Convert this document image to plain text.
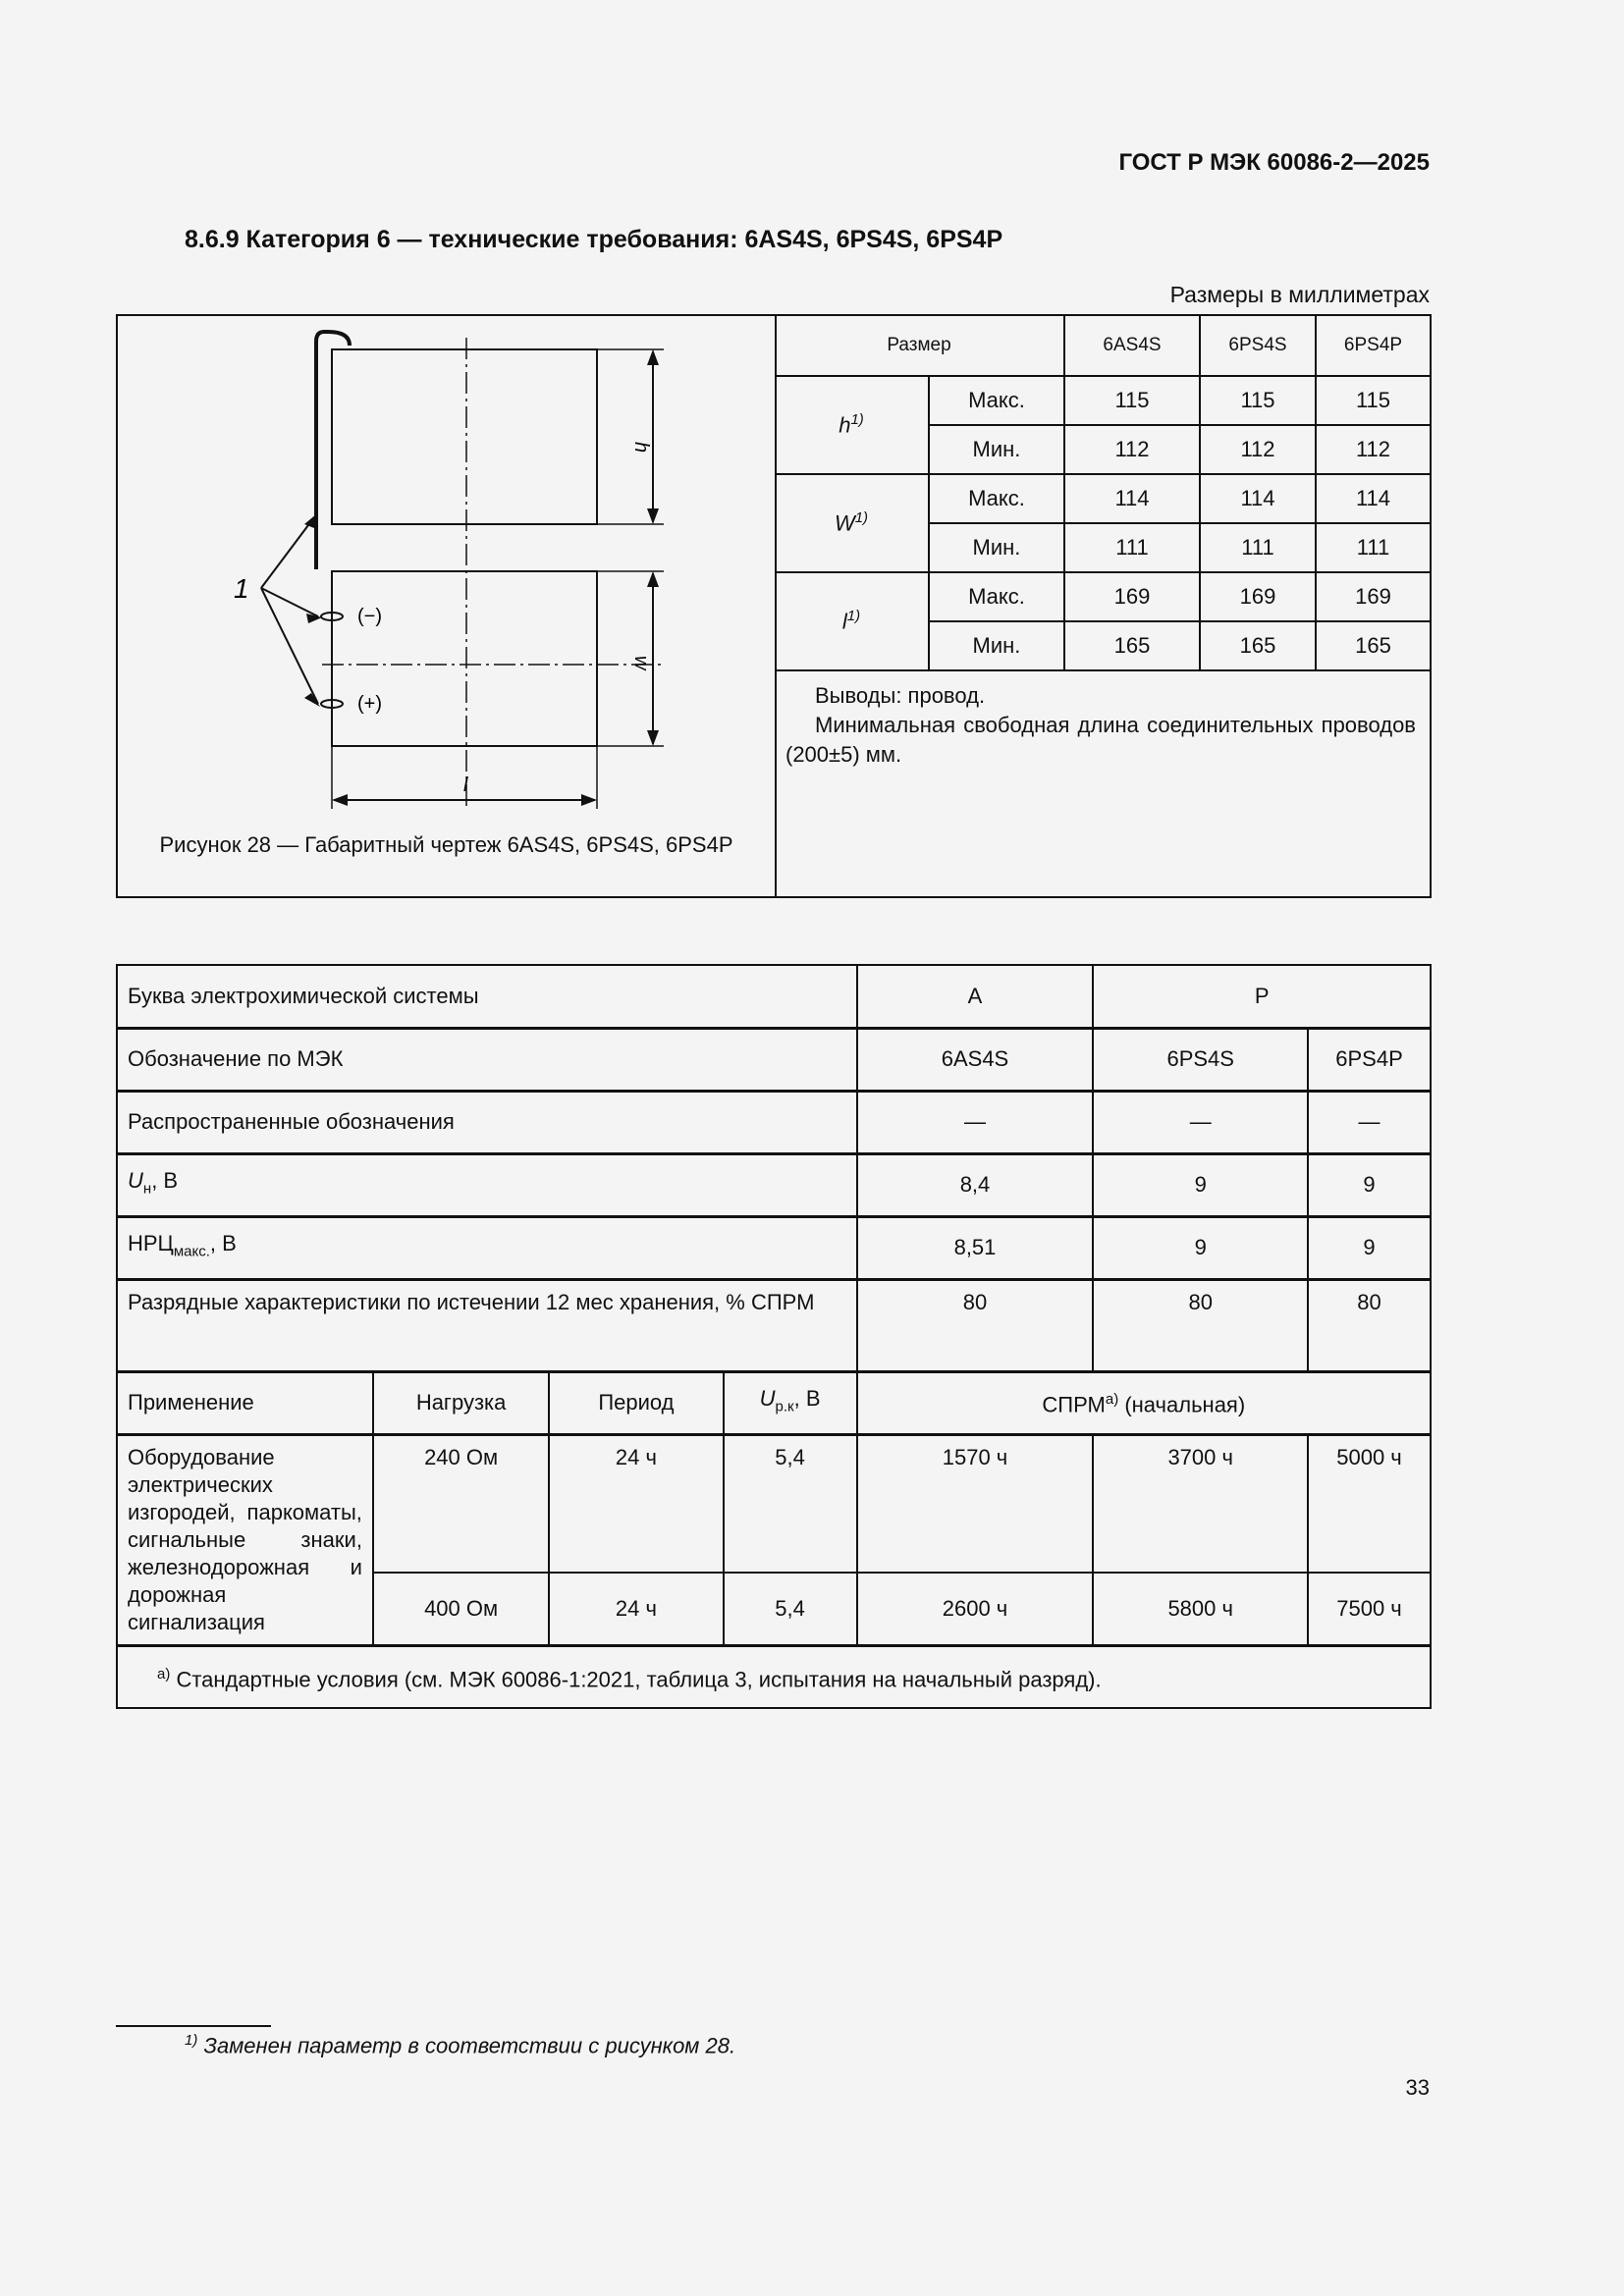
ГОСТ Р МЭК 60086-2—2025
8.6.9 Категория 6 — технические требования: 6AS4S, 6PS4S, 6PS4P
Размеры в миллиметрах
1
(−)
(+)
h
w
l
Рисунок 28 — Габаритный чертеж 6AS4S, 6PS4S, 6PS4P
Размер		6AS4S	6PS4S	6PS4P
$h^{1)}$	Макс.	115	115	115
	Мин.	112	112	112
$W^{1)}$	Макс.	114	114	114
	Мин.	111	111	111
$l^{1)}$	Макс.	169	169	169
	Мин.	165	165	165

Выводы: провод.

Минимальная свободная длина соединительных проводов (200±5) мм.

Буква электрохимической системы				A	P	
Обозначение по МЭК				6AS4S	6PS4S	6PS4P
Распространенные обозначения				—	—	—
$U_н$, В				8,4	9	9
$НРЦ_{макс.}$, В				8,51	9	9
Разрядные характеристики по истечении 12 мес хранения, % СПРМ				80	80	80
Применение	Нагрузка	Период	$U_{р.к}$, В	СПРМ$^{a)}$ (начальная)		
Оборудование электрических изгородей, паркоматы, сигнальные знаки, железнодорожная и дорожная сигнализация	240 Ом	24 ч	5,4	1570 ч	3700 ч	5000 ч
	400 Ом	24 ч	5,4	2600 ч	5800 ч	7500 ч
$^{a)}$ Стандартные условия (см. МЭК 60086-1:2021, таблица 3, испытания на начальный разряд).						
$^{1)}$ Заменен параметр в соответствии с рисунком 28.
33
